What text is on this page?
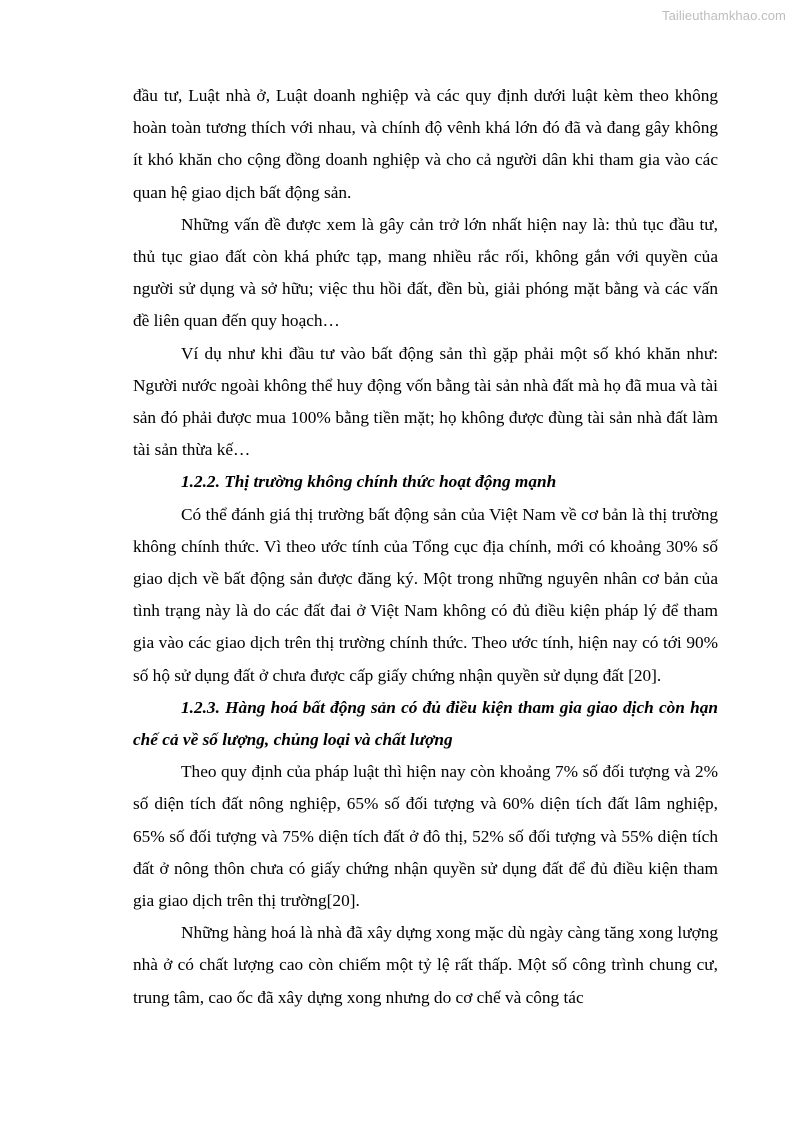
Tailieuthamkhao.com

đầu tư, Luật nhà ở, Luật doanh nghiệp và các quy định dưới luật kèm theo không hoàn toàn tương thích với nhau, và chính độ vênh khá lớn đó đã và đang gây không ít khó khăn cho cộng đồng doanh nghiệp và cho cả người dân khi tham gia vào các quan hệ giao dịch bất động sản.

Những vấn đề được xem là gây cản trở lớn nhất hiện nay là: thủ tục đầu tư, thủ tục giao đất còn khá phức tạp, mang nhiều rắc rối, không gắn với quyền của người sử dụng và sở hữu; việc thu hồi đất, đền bù, giải phóng mặt bằng và các vấn đề liên quan đến quy hoạch…

Ví dụ như khi đầu tư vào bất động sản thì gặp phải một số khó khăn như: Người nước ngoài không thể huy động vốn bằng tài sản nhà đất mà họ đã mua và tài sản đó phải được mua 100% bằng tiền mặt; họ không được đùng tài sản nhà đất làm tài sản thừa kế…

1.2.2. Thị trường không chính thức hoạt động mạnh

Có thể đánh giá thị trường bất động sản của Việt Nam về cơ bản là thị trường không chính thức. Vì theo ước tính của Tổng cục địa chính, mới có khoảng 30% số giao dịch về bất động sản được đăng ký. Một trong những nguyên nhân cơ bản của tình trạng này là do các đất đai ở Việt Nam không có đủ điều kiện pháp lý để tham gia vào các giao dịch trên thị trường chính thức. Theo ước tính, hiện nay có tới 90% số hộ sử dụng đất ở chưa được cấp giấy chứng nhận quyền sử dụng đất [20].

1.2.3. Hàng hoá bất động sản có đủ điều kiện tham gia giao dịch còn hạn chế cả về số lượng, chủng loại và chất lượng

Theo quy định của pháp luật thì hiện nay còn khoảng 7% số đối tượng và 2% số diện tích đất nông nghiệp, 65% số đối tượng và 60% diện tích đất lâm nghiệp, 65% số đối tượng và 75% diện tích đất ở đô thị, 52% số đối tượng và 55% diện tích đất ở nông thôn chưa có giấy chứng nhận quyền sử dụng đất để đủ điều kiện tham gia giao dịch trên thị trường[20].

Những hàng hoá là nhà đã xây dựng xong mặc dù ngày càng tăng xong lượng nhà ở có chất lượng cao còn chiếm một tỷ lệ rất thấp. Một số công trình chung cư, trung tâm, cao ốc đã xây dựng xong nhưng do cơ chế và công tác
